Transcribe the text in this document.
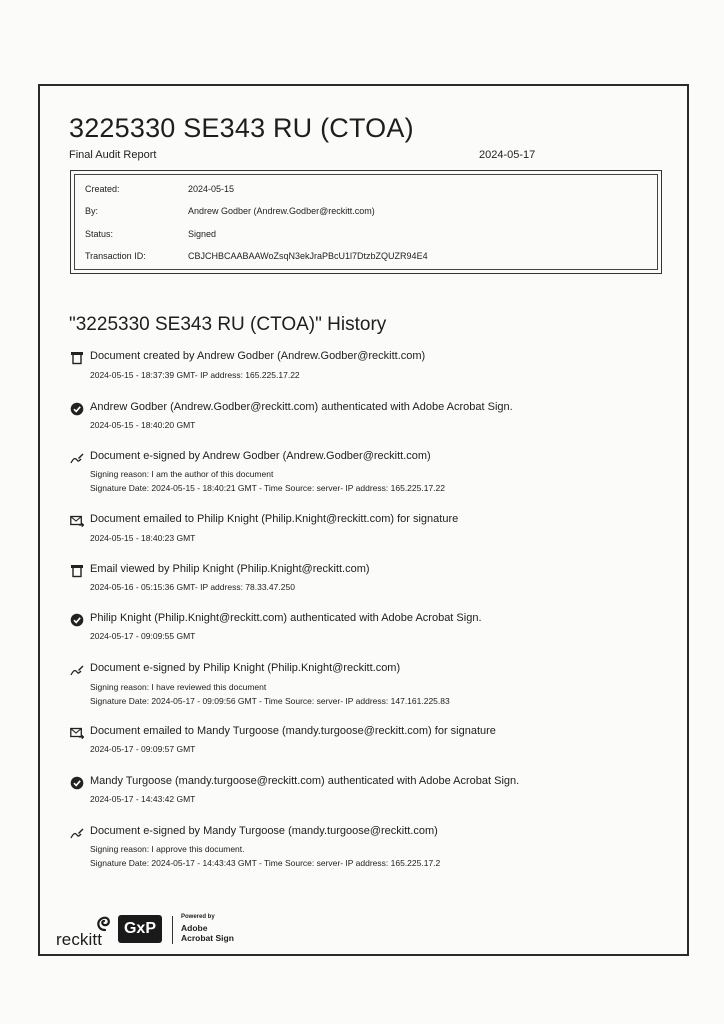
3225330 SE343 RU (CTOA)
Final Audit Report	2024-05-17
Created:	2024-05-15
By:	Andrew Godber (Andrew.Godber@reckitt.com)
Status:	Signed
Transaction ID:	CBJCHBCAABAAWoZsqN3ekJraPBcU1l7DtzbZQUZR94E4
"3225330 SE343 RU (CTOA)" History
Document created by Andrew Godber (Andrew.Godber@reckitt.com)
2024-05-15 - 18:37:39 GMT- IP address: 165.225.17.22
Andrew Godber (Andrew.Godber@reckitt.com) authenticated with Adobe Acrobat Sign.
2024-05-15 - 18:40:20 GMT
Document e-signed by Andrew Godber (Andrew.Godber@reckitt.com)
Signing reason: I am the author of this document
Signature Date: 2024-05-15 - 18:40:21 GMT - Time Source: server- IP address: 165.225.17.22
Document emailed to Philip Knight (Philip.Knight@reckitt.com) for signature
2024-05-15 - 18:40:23 GMT
Email viewed by Philip Knight (Philip.Knight@reckitt.com)
2024-05-16 - 05:15:36 GMT- IP address: 78.33.47.250
Philip Knight (Philip.Knight@reckitt.com) authenticated with Adobe Acrobat Sign.
2024-05-17 - 09:09:55 GMT
Document e-signed by Philip Knight (Philip.Knight@reckitt.com)
Signing reason: I have reviewed this document
Signature Date: 2024-05-17 - 09:09:56 GMT - Time Source: server- IP address: 147.161.225.83
Document emailed to Mandy Turgoose (mandy.turgoose@reckitt.com) for signature
2024-05-17 - 09:09:57 GMT
Mandy Turgoose (mandy.turgoose@reckitt.com) authenticated with Adobe Acrobat Sign.
2024-05-17 - 14:43:42 GMT
Document e-signed by Mandy Turgoose (mandy.turgoose@reckitt.com)
Signing reason: I approve this document.
Signature Date: 2024-05-17 - 14:43:43 GMT - Time Source: server- IP address: 165.225.17.2
reckitt
GxP
Powered by
Adobe
Acrobat Sign
